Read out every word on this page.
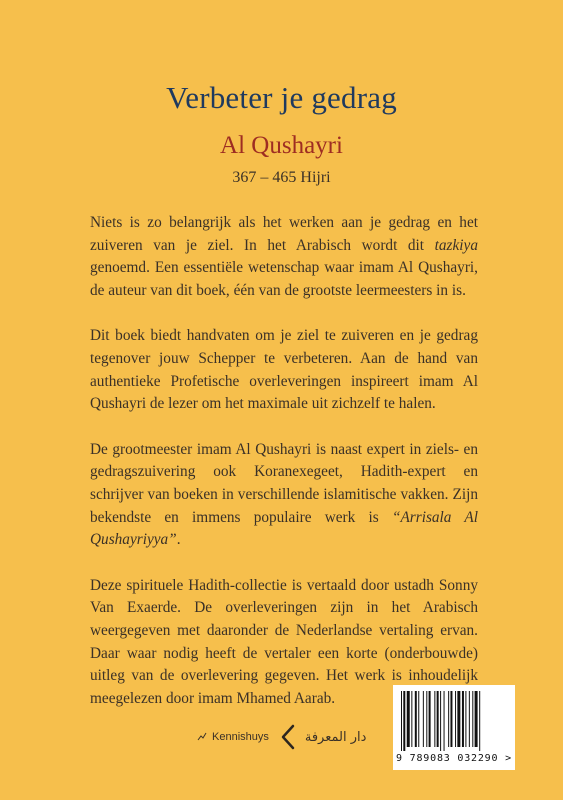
Verbeter je gedrag
Al Qushayri
367 – 465 Hijri

Niets is zo belangrijk als het werken aan je gedrag en het zuiveren van je ziel. In het Arabisch wordt dit tazkiya genoemd. Een essentiële wetenschap waar imam Al Qushayri, de auteur van dit boek, één van de grootste leermeesters in is.

Dit boek biedt handvaten om je ziel te zuiveren en je gedrag tegenover jouw Schepper te verbeteren. Aan de hand van authentieke Profetische overleveringen inspireert imam Al Qushayri de lezer om het maximale uit zichzelf te halen.

De grootmeester imam Al Qushayri is naast expert in ziels- en gedragszuivering ook Koranexegeet, Hadith-expert en schrijver van boeken in verschillende islamitische vakken. Zijn bekendste en immens populaire werk is “Arrisala Al Qushayriyya”.

Deze spirituele Hadith-collectie is vertaald door ustadh Sonny Van Exaerde. De overleveringen zijn in het Arabisch weergegeven met daaronder de Nederlandse vertaling ervan. Daar waar nodig heeft de vertaler een korte (onderbouwde) uitleg van de overlevering gegeven. Het werk is inhoudelijk meegelezen door imam Mhamed Aarab.

Kennishuys	دار المعرفة
9 789083 032290 >
